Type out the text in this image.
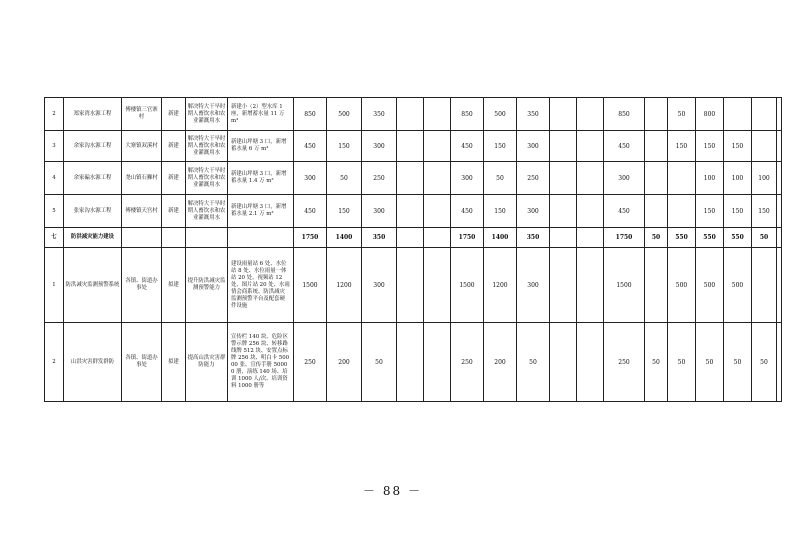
2	郑家湾水源工程	傅楼镇三官寨村	新建	解决特大干旱时期人畜饮水和农业灌溉用水	新建小（2）型水库 1 座，新增蓄水量 11 万 m³	850	500	350			850	500	350			850		50	800			
3	余家沟水源工程	大寨镇双溪村	新建	解决特大干旱时期人畜饮水和农业灌溉用水	新建山坪塘 3 口，新增蓄水量 6 万 m³	450	150	300			450	150	300			450		150	150	150		
4	余家碥水源工程	尧山镇石狮村	新建	解决特大干旱时期人畜饮水和农业灌溉用水	新建山坪塘 3 口，新增蓄水量 1.4 万 m³	300	50	250			300	50	250			300			100	100	100	
5	张家沟水源工程	傅楼镇天宫村	新建	解决特大干旱时期人畜饮水和农业灌溉用水	新建山坪塘 3 口，新增蓄水量 2.1 万 m³	450	150	300			450	150	300			450			150	150	150	
七	防洪减灾能力建设					1750	1400	350			1750	1400	350			1750	50	550	550	550	50	
1	防洪减灾监测预警系统	各镇、街道办事处	拟建	提升防洪减灾监测预警能力	建设雨量站 6 处、水位站 8 处、水位雨量一体站 20 处、视频站 12 处、图片站 20 处、水雨情会商系统、防洪减灾监测预警平台及配套硬件设施	1500	1200	300			1500	1200	300			1500		500	500	500		
2	山洪灾害群发群防	各镇、街道办事处	拟建	提高山洪灾害群防能力	宣传栏 140 块、危险区警示牌 256 块、转移路线牌 512 块、安置点标牌 256 块、明白卡 50000 张、宣传手册 50000 册、演练 140 场、培训 1000 人/次、培训资料 1000 册等	250	200	50			250	200	50			250	50	50	50	50	50	
－ 88 －
